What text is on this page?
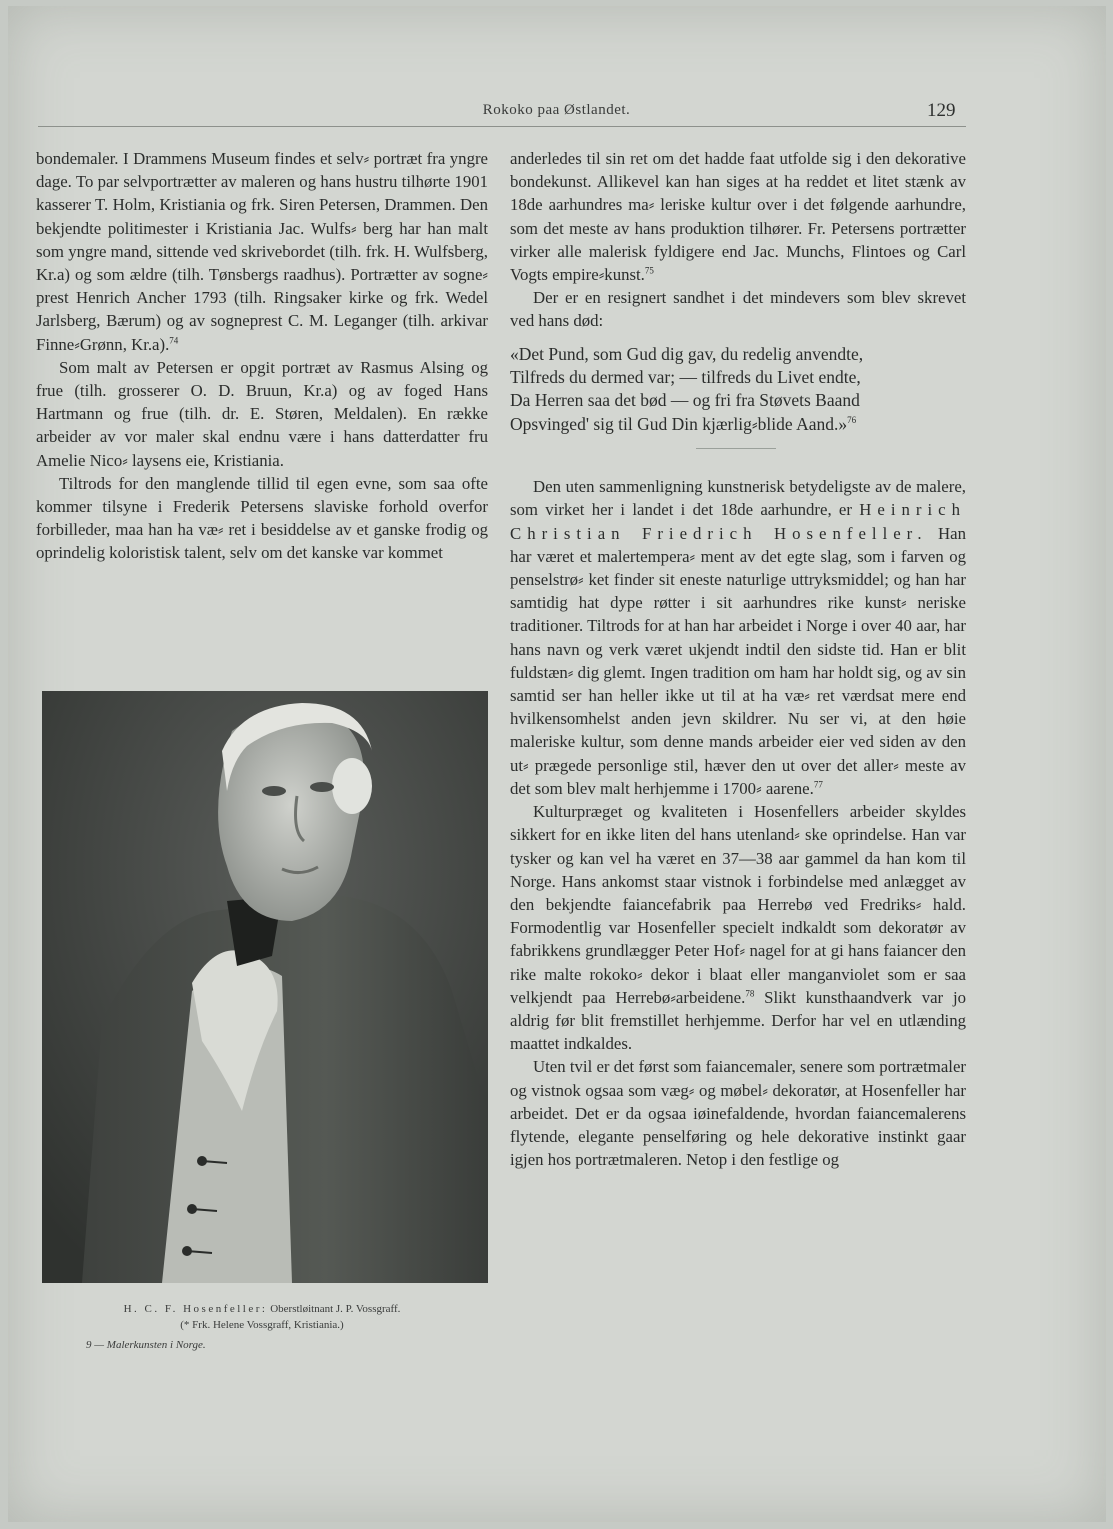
Rokoko paa Østlandet.	129

bondemaler. I Drammens Museum findes et selv⸗ portræt fra yngre dage. To par selvportrætter av maleren og hans hustru tilhørte 1901 kasserer T. Holm, Kristiania og frk. Siren Petersen, Drammen. Den bekjendte politimester i Kristiania Jac. Wulfs⸗ berg har han malt som yngre mand, sittende ved skrivebordet (tilh. frk. H. Wulfsberg, Kr.a) og som ældre (tilh. Tønsbergs raadhus). Portrætter av sogne⸗ prest Henrich Ancher 1793 (tilh. Ringsaker kirke og frk. Wedel Jarlsberg, Bærum) og av sogneprest C. M. Leganger (tilh. arkivar Finne⸗Grønn, Kr.a).$^{74}$

Som malt av Petersen er opgit portræt av Rasmus Alsing og frue (tilh. grosserer O. D. Bruun, Kr.a) og av foged Hans Hartmann og frue (tilh. dr. E. Støren, Meldalen). En række arbeider av vor maler skal endnu være i hans datterdatter fru Amelie Nico⸗ laysens eie, Kristiania.

Tiltrods for den manglende tillid til egen evne, som saa ofte kommer tilsyne i Frederik Petersens slaviske forhold overfor forbilleder, maa han ha væ⸗ ret i besiddelse av et ganske frodig og oprindelig koloristisk talent, selv om det kanske var kommet

H. C. F. Hosenfeller: Oberstløitnant J. P. Vossgraff.
(* Frk. Helene Vossgraff, Kristiania.)
9 — Malerkunsten i Norge.

anderledes til sin ret om det hadde faat utfolde sig i den dekorative bondekunst. Allikevel kan han siges at ha reddet et litet stænk av 18de aarhundres ma⸗ leriske kultur over i det følgende aarhundre, som det meste av hans produktion tilhører. Fr. Petersens portrætter virker alle malerisk fyldigere end Jac. Munchs, Flintoes og Carl Vogts empire⸗kunst.$^{75}$

Der er en resignert sandhet i det mindevers som blev skrevet ved hans død:

«Det Pund, som Gud dig gav, du redelig anvendte,
Tilfreds du dermed var; — tilfreds du Livet endte,
Da Herren saa det bød — og fri fra Støvets Baand
Opsvinged' sig til Gud Din kjærlig⸗blide Aand.»$^{76}$

Den uten sammenligning kunstnerisk betydeligste av de malere, som virket her i landet i det 18de aarhundre, er Heinrich Christian Friedrich Hosenfeller. Han har været et malertempera⸗ ment av det egte slag, som i farven og penselstrø⸗ ket finder sit eneste naturlige uttryksmiddel; og han har samtidig hat dype røtter i sit aarhundres rike kunst⸗ neriske traditioner. Tiltrods for at han har arbeidet i Norge i over 40 aar, har hans navn og verk været ukjendt indtil den sidste tid. Han er blit fuldstæn⸗ dig glemt. Ingen tradition om ham har holdt sig, og av sin samtid ser han heller ikke ut til at ha væ⸗ ret værdsat mere end hvilkensomhelst anden jevn skildrer. Nu ser vi, at den høie maleriske kultur, som denne mands arbeider eier ved siden av den ut⸗ prægede personlige stil, hæver den ut over det aller⸗ meste av det som blev malt herhjemme i 1700⸗ aarene.$^{77}$

Kulturpræget og kvaliteten i Hosenfellers arbeider skyldes sikkert for en ikke liten del hans utenland⸗ ske oprindelse. Han var tysker og kan vel ha været en 37—38 aar gammel da han kom til Norge. Hans ankomst staar vistnok i forbindelse med anlægget av den bekjendte faiancefabrik paa Herrebø ved Fredriks⸗ hald. Formodentlig var Hosenfeller specielt indkaldt som dekoratør av fabrikkens grundlægger Peter Hof⸗ nagel for at gi hans faiancer den rike malte rokoko⸗ dekor i blaat eller manganviolet som er saa velkjendt paa Herrebø⸗arbeidene.$^{78}$ Slikt kunsthaandverk var jo aldrig før blit fremstillet herhjemme. Derfor har vel en utlænding maattet indkaldes.

Uten tvil er det først som faiancemaler, senere som portrætmaler og vistnok ogsaa som væg⸗ og møbel⸗ dekoratør, at Hosenfeller har arbeidet. Det er da ogsaa iøinefaldende, hvordan faiancemalerens flytende, elegante penselføring og hele dekorative instinkt gaar igjen hos portrætmaleren. Netop i den festlige og
